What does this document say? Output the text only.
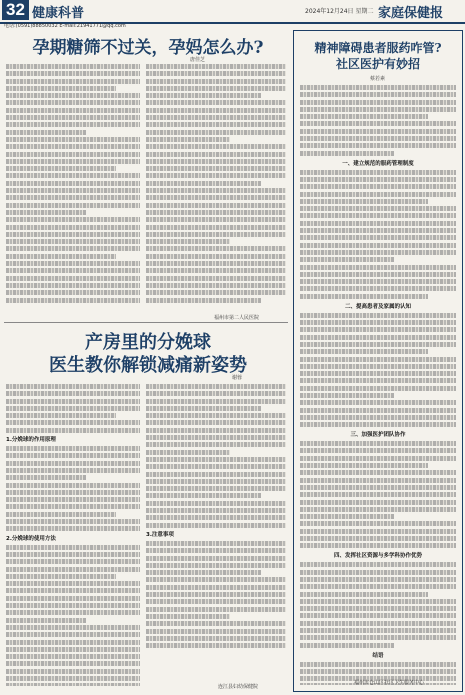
32 健康科普	2024年12月24日 星期二 家庭保健报
电话:(0591)88850032 E-mail:21941771@qq.com
孕期糖筛不过关，孕妈怎么办?
唐佳芝
福州市第二人民医院
产房里的分娩球
医生教你解锁减痛新姿势
谢蓉
1.分娩球的作用原理
2.分娩球的使用方法
3.注意事项
连江县妇幼保健院
精神障碍患者服药咋管?
社区医护有妙招
蔡若素
一、建立规范的服药管理制度
二、提高患者及家属的认知
三、加强医护团队协作
四、发挥社区资源与多学科协作优势
结语
福州市仓山区社区卫生服务中心
